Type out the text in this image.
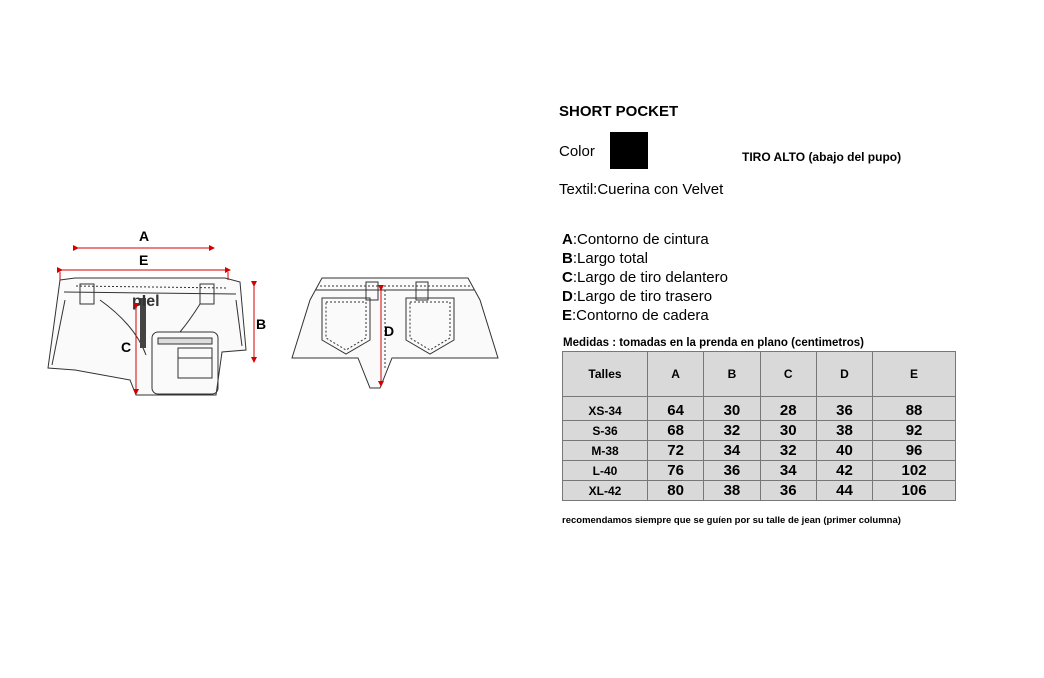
pIel
A
E
B
C
D
SHORT POCKET
Color	TIRO ALTO (abajo del pupo)
Textil:Cuerina con Velvet
A:Contorno de cintura
B:Largo total
C:Largo de tiro delantero
D:Largo de tiro trasero
E:Contorno de cadera
Medidas : tomadas en la prenda en plano (centimetros)
Talles	A	B	C	D	E
XS-34	64	30	28	36	88
S-36	68	32	30	38	92
M-38	72	34	32	40	96
L-40	76	36	34	42	102
XL-42	80	38	36	44	106
recomendamos siempre que se guíen por su talle de jean (primer columna)
